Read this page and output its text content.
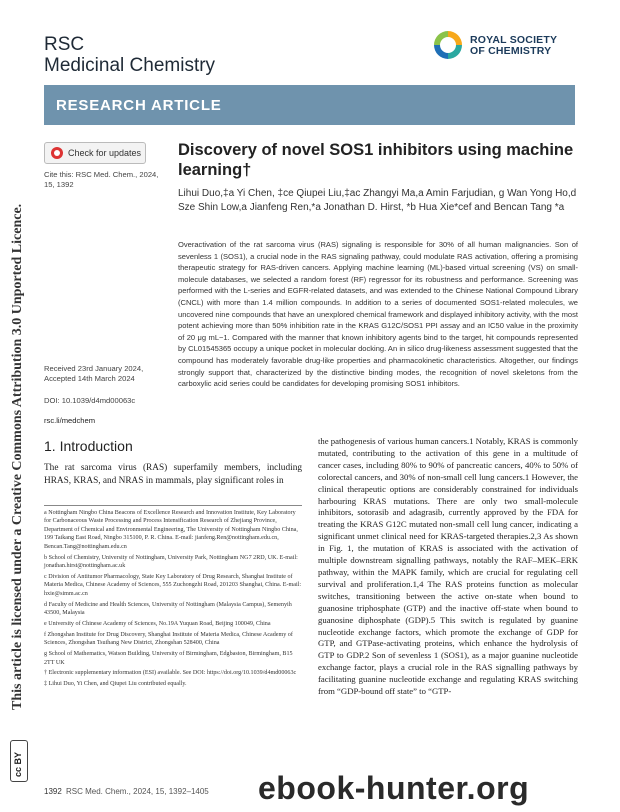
RSC
Medicinal Chemistry
ROYAL SOCIETY
OF CHEMISTRY
RESEARCH ARTICLE
Check for updates
Cite this: RSC Med. Chem., 2024, 15, 1392
Discovery of novel SOS1 inhibitors using machine learning†
Lihui Duo,‡a Yi Chen, ‡ce Qiupei Liu,‡ac Zhangyi Ma,a Amin Farjudian, g Wan Yong Ho,d Sze Shin Low,a Jianfeng Ren,*a Jonathan D. Hirst, *b Hua Xie*cef and Bencan Tang *a
Overactivation of the rat sarcoma virus (RAS) signaling is responsible for 30% of all human malignancies. Son of sevenless 1 (SOS1), a crucial node in the RAS signaling pathway, could modulate RAS activation, offering a promising therapeutic strategy for RAS-driven cancers. Applying machine learning (ML)-based virtual screening (VS) on small-molecule databases, we selected a random forest (RF) regressor for its robustness and performance. Screening was performed with the L-series and EGFR-related datasets, and was extended to the Chinese National Compound Library (CNCL) with more than 1.4 million compounds. In addition to a series of documented SOS1-related molecules, we uncovered nine compounds that have an unexplored chemical framework and displayed inhibitory activity, with the most potent achieving more than 50% inhibition rate in the KRAS G12C/SOS1 PPI assay and an IC50 value in the proximity of 20 μg mL−1. Compared with the manner that known inhibitory agents bind to the target, hit compounds represented by CL01545365 occupy a unique pocket in molecular docking. An in silico drug-likeness assessment suggested that the compound has moderately favorable drug-like properties and pharmacokinetic characteristics. Altogether, our findings strongly support that, characterized by the distinctive binding modes, the recognition of novel skeletons from the carboxylic acid series could be candidates for developing promising SOS1 inhibitors.
Received 23rd January 2024, Accepted 14th March 2024
DOI: 10.1039/d4md00063c
rsc.li/medchem
1. Introduction
The rat sarcoma virus (RAS) superfamily members, including HRAS, KRAS, and NRAS in mammals, play significant roles in

a Nottingham Ningbo China Beacons of Excellence Research and Innovation Institute, Key Laboratory for Carbonaceous Waste Processing and Process Intensification Research of Zhejiang Province, Department of Chemical and Environmental Engineering, The University of Nottingham Ningbo China, 199 Taikang East Road, Ningbo 315100, P. R. China. E-mail: jianfeng.Ren@nottingham.edu.cn, Bencan.Tang@nottingham.edu.cn

b School of Chemistry, University of Nottingham, University Park, Nottingham NG7 2RD, UK. E-mail: jonathan.hirst@nottingham.ac.uk

c Division of Antitumor Pharmacology, State Key Laboratory of Drug Research, Shanghai Institute of Materia Medica, Chinese Academy of Sciences, 555 Zuchongzhi Road, 201203 Shanghai, China. E-mail: hxie@simm.ac.cn

d Faculty of Medicine and Health Sciences, University of Nottingham (Malaysia Campus), Semenyih 43500, Malaysia

e University of Chinese Academy of Sciences, No.19A Yuquan Road, Beijing 100049, China

f Zhongshan Institute for Drug Discovery, Shanghai Institute of Materia Medica, Chinese Academy of Sciences, Zhongshan Tsuihang New District, Zhongshan 528400, China

g School of Mathematics, Watson Building, University of Birmingham, Edgbaston, Birmingham, B15 2TT UK

† Electronic supplementary information (ESI) available. See DOI: https://doi.org/10.1039/d4md00063c

‡ Lihui Duo, Yi Chen, and Qiupei Liu contributed equally.

the pathogenesis of various human cancers.1 Notably, KRAS is commonly mutated, contributing to the activation of this gene in a multitude of cancer cases, including 80% to 90% of pancreatic cancers, 40% to 50% of colorectal cancers, and 30% of non-small cell lung cancers.1 However, the clinical therapeutic options are considerably constrained for individuals harbouring KRAS mutations. There are only two small-molecule inhibitors, sotorasib and adagrasib, currently approved by the FDA for treating the KRAS G12C mutated non-small cell lung cancer, indicating a significant unmet clinical need for KRAS-targeted therapies.2,3 As shown in Fig. 1, the mutation of KRAS is associated with the activation of multiple downstream signalling pathways, notably the RAF–MEK–ERK pathway, within the MAPK family, which are crucial for regulating cell survival and proliferation.1,4 The RAS proteins function as molecular switches, transitioning between the active on-state when bound to guanosine triphosphate (GTP) and the inactive off-state when bound to guanosine diphosphate (GDP).5 This switch is regulated by guanine nucleotide exchange factors, which promote the exchange of GDP for GTP, and GTPase-activating proteins, which enhance the hydrolysis of GTP to GDP.2 Son of sevenless 1 (SOS1), as a major guanine nucleotide exchange factor, plays a crucial role in the RAS signalling pathways by facilitating guanine nucleotide exchange and regulating KRAS switching from “GDP-bound off state” to “GTP-
This article is licensed under a Creative Commons Attribution 3.0 Unported Licence.
cc BY
1392 RSC Med. Chem., 2024, 15, 1392–1405 ebook-hunter.org
